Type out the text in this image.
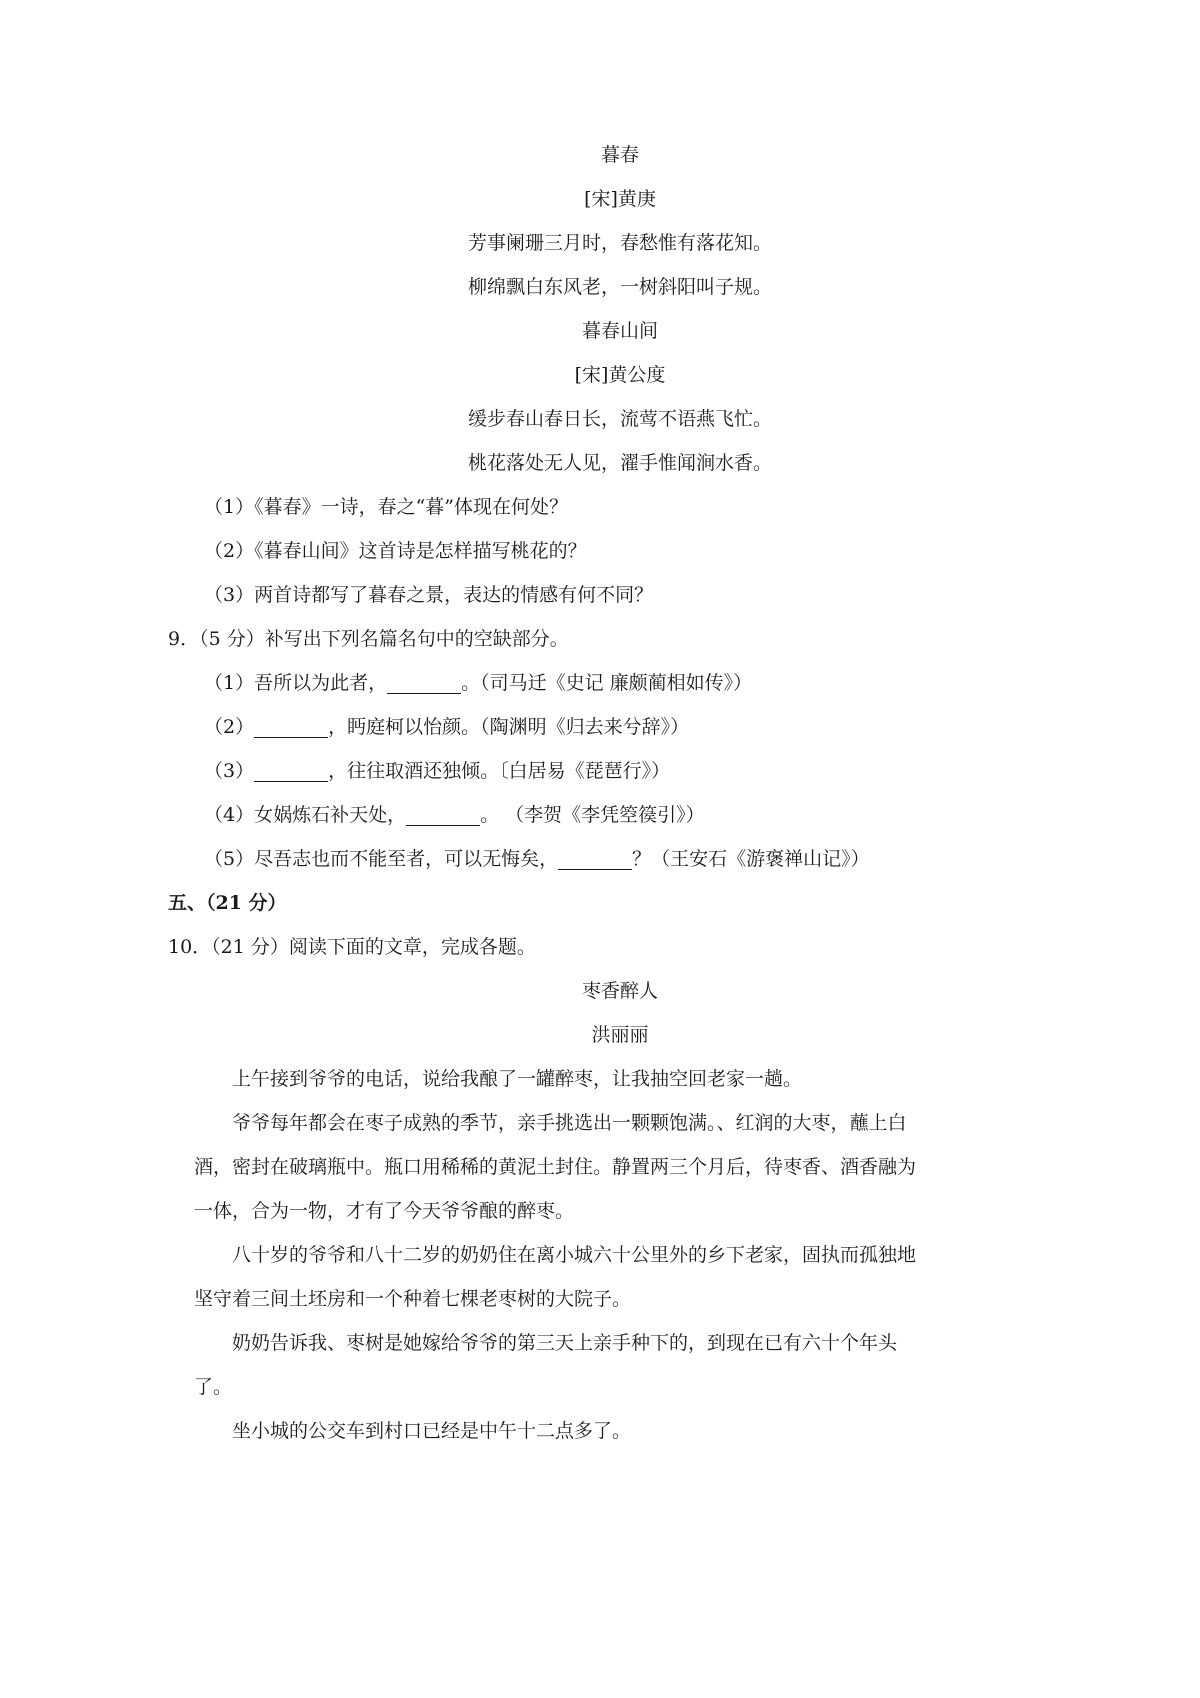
暮春
[宋]黄庚
芳事阑珊三月时，春愁惟有落花知。
柳绵飘白东风老，一树斜阳叫子规。
暮春山间
[宋]黄公度
缓步春山春日长，流莺不语燕飞忙。
桃花落处无人见，濯手惟闻涧水香。
（1）《暮春》一诗，春之“暮”体现在何处？
（2）《暮春山间》这首诗是怎样描写桃花的？
（3）两首诗都写了暮春之景，表达的情感有何不同？
9．（5 分）补写出下列名篇名句中的空缺部分。
（1）吾所以为此者，	。（司马迁《史记 廉颇蔺相如传》）
（2）	，眄庭柯以怡颜。（陶渊明《归去来兮辞》）
（3）	，往往取酒还独倾。〔白居易《琵琶行》）
（4）女娲炼石补天处，	。 （李贺《李凭箜篌引》）
（5）尽吾志也而不能至者，可以无悔矣，	？（王安石《游褒禅山记》）
五、（21 分）
10．（21 分）阅读下面的文章，完成各题。
枣香醉人
洪丽丽
上午接到爷爷的电话，说给我酿了一罐醉枣，让我抽空回老家一趟。
爷爷每年都会在枣子成熟的季节，亲手挑选出一颗颗饱满。、红润的大枣，蘸上白
酒，密封在破璃瓶中。瓶口用稀稀的黄泥土封住。静置两三个月后，待枣香、酒香融为
一体，合为一物，才有了今天爷爷酿的醉枣。
八十岁的爷爷和八十二岁的奶奶住在离小城六十公里外的乡下老家，固执而孤独地
坚守着三间土坯房和一个种着七棵老枣树的大院子。
奶奶告诉我、枣树是她嫁给爷爷的第三天上亲手种下的，到现在已有六十个年头
了。
坐小城的公交车到村口已经是中午十二点多了。
